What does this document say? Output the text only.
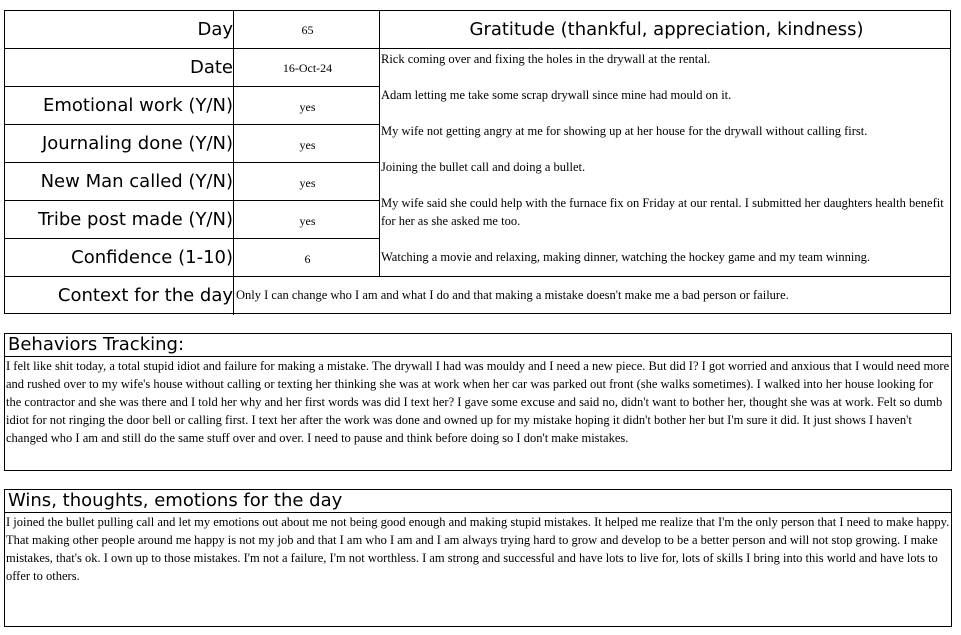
Day
Date
Emotional work (Y/N)
Journaling done (Y/N)
New Man called (Y/N)
Tribe post made (Y/N)
Confidence (1-10)
Context for the day
65
16-Oct-24
yes
yes
yes
yes
6
Gratitude (thankful, appreciation, kindness)
Rick coming over and fixing the holes in the drywall at the rental.
Adam letting me take some scrap drywall since mine had mould on it.
My wife not getting angry at me for showing up at her house for the drywall without calling first.
Joining the bullet call and doing a bullet.
My wife said she could help with the furnace fix on Friday at our rental. I submitted her daughters health benefit for her as she asked me too.
Watching a movie and relaxing, making dinner, watching the hockey game and my team winning.
Only I can change who I am and what I do and that making a mistake doesn't make me a bad person or failure.
Behaviors Tracking:
I felt like shit today, a total stupid idiot and failure for making a mistake. The drywall I had was mouldy and I need a new piece. But did I? I got worried and anxious that I would need more and rushed over to my wife's house without calling or texting her thinking she was at work when her car was parked out front (she walks sometimes). I walked into her house looking for the contractor and she was there and I told her why and her first words was did I text her? I gave some excuse and said no, didn't want to bother her, thought she was at work. Felt so dumb idiot for not ringing the door bell or calling first. I text her after the work was done and owned up for my mistake hoping it didn't bother her but I'm sure it did. It just shows I haven't changed who I am and still do the same stuff over and over. I need to pause and think before doing so I don't make mistakes.
Wins, thoughts, emotions for the day
I joined the bullet pulling call and let my emotions out about me not being good enough and making stupid mistakes. It helped me realize that I'm the only person that I need to make happy. That making other people around me happy is not my job and that I am who I am and I am always trying hard to grow and develop to be a better person and will not stop growing. I make mistakes, that's ok. I own up to those mistakes. I'm not a failure, I'm not worthless. I am strong and successful and have lots to live for, lots of skills I bring into this world and have lots to offer to others.
